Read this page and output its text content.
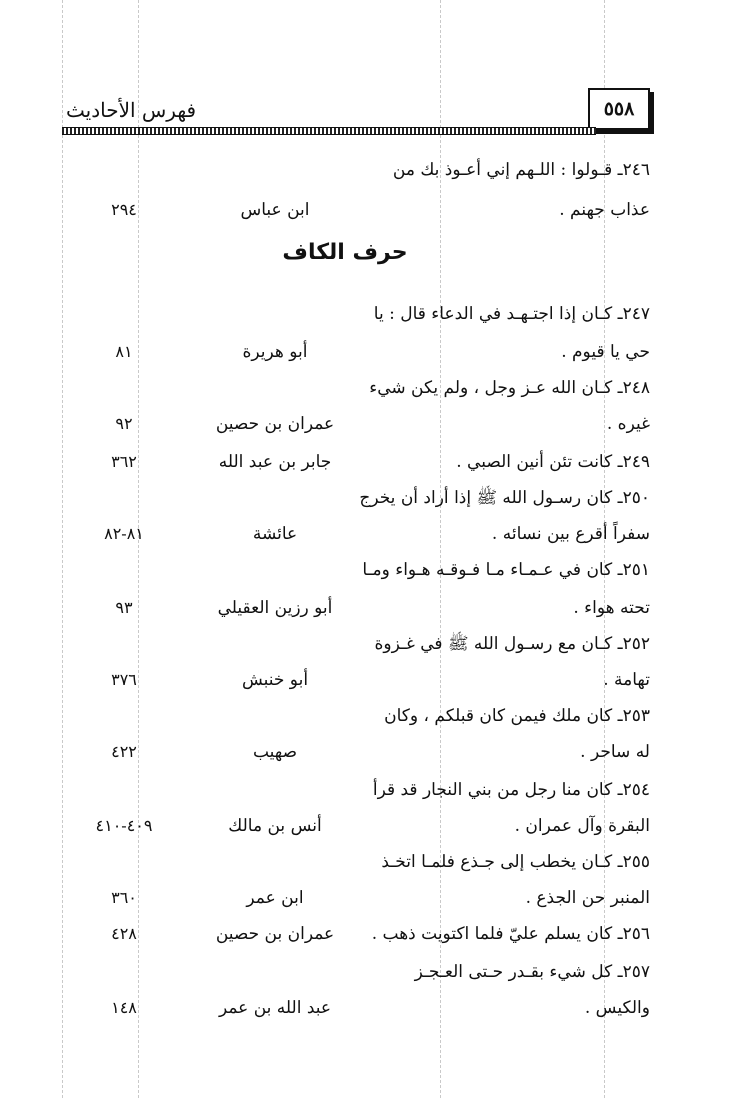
٥٥٨
فهرس الأحاديث
حرف الكاف
٢٤٦ـ قـولوا : اللـهم إني أعـوذ بك من
عذاب جهنم .
ابن عباس
٢٩٤
٢٤٧ـ كـان إذا اجتـهـد في الدعاء قال : يا
حي يا قيوم .
أبو هريرة
٨١
٢٤٨ـ كـان الله عـز وجل ، ولم يكن شيء
غيره .
عمران بن حصين
٩٢
٢٤٩ـ كانت تئن أنين الصبي .
جابر بن عبد الله
٣٦٢
٢٥٠ـ كان رسـول الله ﷺ إذا أراد أن يخرج
سفراً أقرع بين نسائه .
عائشة
٨١-٨٢
٢٥١ـ كان في عـمـاء مـا فـوقـه هـواء ومـا
تحته هواء .
أبو رزين العقيلي
٩٣
٢٥٢ـ كـان مع رسـول الله ﷺ في غـزوة
تهامة .
أبو خنبش
٣٧٦
٢٥٣ـ كان ملك فيمن كان قبلكم ، وكان
له ساحر .
صهيب
٤٢٢
٢٥٤ـ كان منا رجل من بني النجار قد قرأ
البقرة وآل عمران .
أنس بن مالك
٤٠٩-٤١٠
٢٥٥ـ كـان يخطب إلى جـذع فلمـا اتخـذ
المنبر حن الجذع .
ابن عمر
٣٦٠
٢٥٦ـ كان يسلم عليّ فلما اكتويت ذهب .
عمران بن حصين
٤٢٨
٢٥٧ـ كل شيء بقـدر حـتى العـجـز
والكيس .
عبد الله بن عمر
١٤٨
